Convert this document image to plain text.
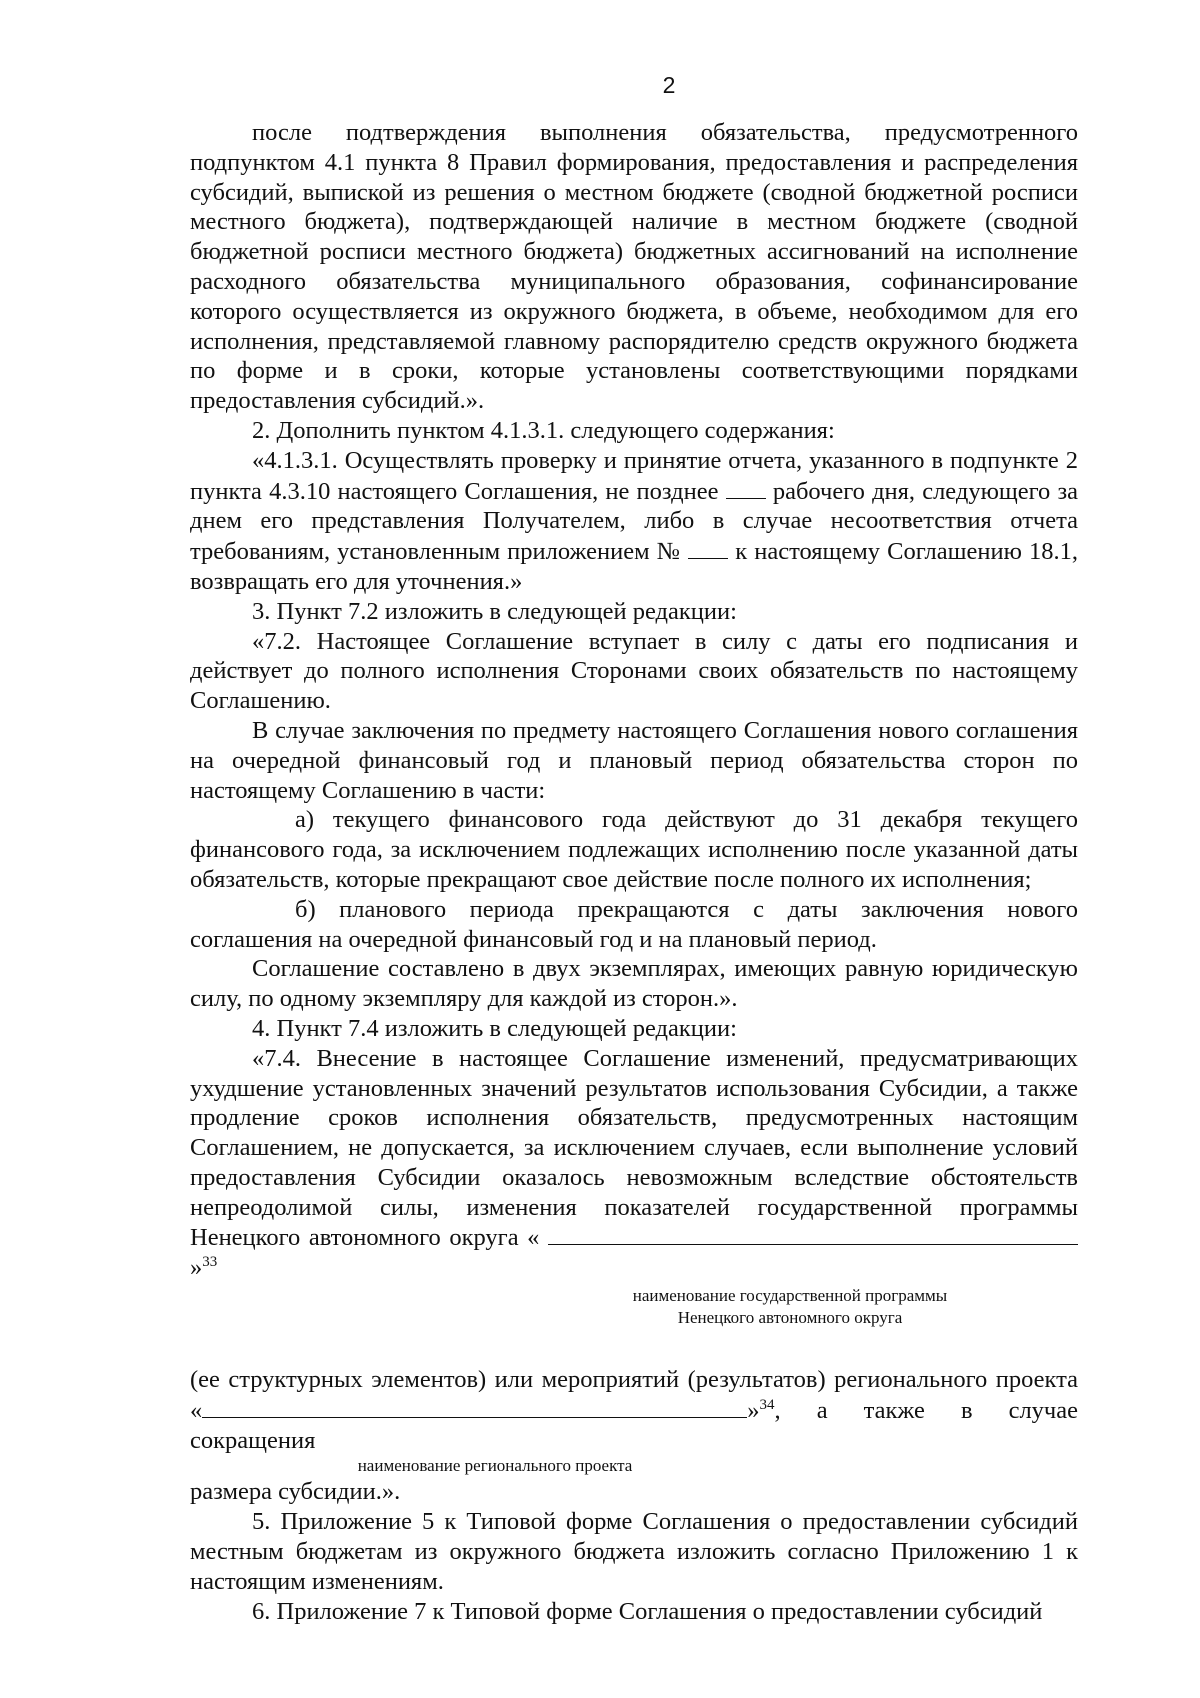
2

после подтверждения выполнения обязательства, предусмотренного подпунктом 4.1 пункта 8 Правил формирования, предоставления и распределения субсидий, выпиской из решения о местном бюджете (сводной бюджетной росписи местного бюджета), подтверждающей наличие в местном бюджете (сводной бюджетной росписи местного бюджета) бюджетных ассигнований на исполнение расходного обязательства муниципального образования, софинансирование которого осуществляется из окружного бюджета, в объеме, необходимом для его исполнения, представляемой главному распорядителю средств окружного бюджета по форме и в сроки, которые установлены соответствующими порядками предоставления субсидий.».

2. Дополнить пунктом 4.1.3.1. следующего содержания:

«4.1.3.1. Осуществлять проверку и принятие отчета, указанного в подпункте 2 пункта 4.3.10 настоящего Соглашения, не позднее рабочего дня, следующего за днем его представления Получателем, либо в случае несоответствия отчета требованиям, установленным приложением № к настоящему Соглашению 18.1, возвращать его для уточнения.»

3. Пункт 7.2 изложить в следующей редакции:

«7.2. Настоящее Соглашение вступает в силу с даты его подписания и действует до полного исполнения Сторонами своих обязательств по настоящему Соглашению.

В случае заключения по предмету настоящего Соглашения нового соглашения на очередной финансовый год и плановый период обязательства сторон по настоящему Соглашению в части:

а) текущего финансового года действуют до 31 декабря текущего финансового года, за исключением подлежащих исполнению после указанной даты обязательств, которые прекращают свое действие после полного их исполнения;

б) планового периода прекращаются с даты заключения нового соглашения на очередной финансовый год и на плановый период.

Соглашение составлено в двух экземплярах, имеющих равную юридическую силу, по одному экземпляру для каждой из сторон.».

4. Пункт 7.4 изложить в следующей редакции:

«7.4. Внесение в настоящее Соглашение изменений, предусматривающих ухудшение установленных значений результатов использования Субсидии, а также продление сроков исполнения обязательств, предусмотренных настоящим Соглашением, не допускается, за исключением случаев, если выполнение условий предоставления Субсидии оказалось невозможным вследствие обстоятельств непреодолимой силы, изменения показателей государственной программы Ненецкого автономного округа « »$^{33}$

наименование государственной программы
Ненецкого автономного округа

(ее структурных элементов) или мероприятий (результатов) регионального проекта «	»$^{34}$, а также в случае сокращения

наименование регионального проекта

размера субсидии.».

5. Приложение 5 к Типовой форме Соглашения о предоставлении субсидий местным бюджетам из окружного бюджета изложить согласно Приложению 1 к настоящим изменениям.

6. Приложение 7 к Типовой форме Соглашения о предоставлении субсидий
